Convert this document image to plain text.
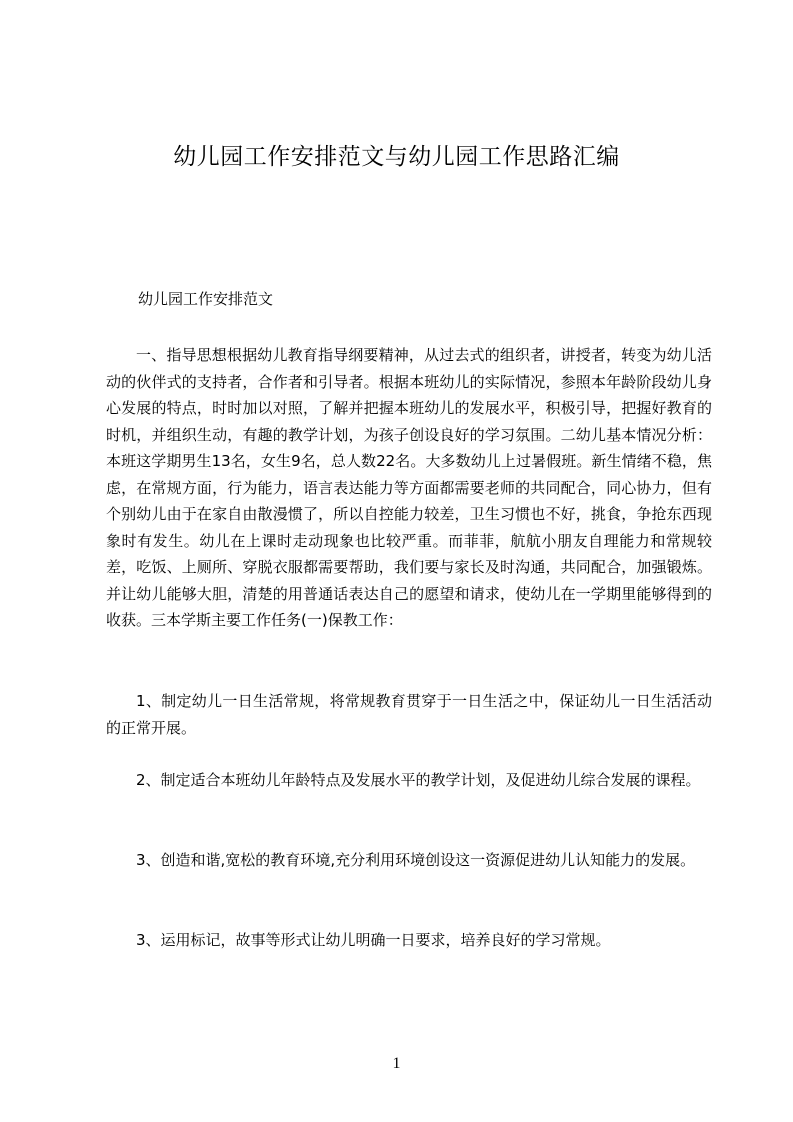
幼儿园工作安排范文与幼儿园工作思路汇编
幼儿园工作安排范文
一、指导思想根据幼儿教育指导纲要精神，从过去式的组织者，讲授者，转变为幼儿活动的伙伴式的支持者，合作者和引导者。根据本班幼儿的实际情况，参照本年龄阶段幼儿身心发展的特点，时时加以对照，了解并把握本班幼儿的发展水平，积极引导，把握好教育的时机，并组织生动，有趣的教学计划，为孩子创设良好的学习氛围。二幼儿基本情况分析：本班这学期男生13名，女生9名，总人数22名。大多数幼儿上过暑假班。新生情绪不稳，焦虑，在常规方面，行为能力，语言表达能力等方面都需要老师的共同配合，同心协力，但有个别幼儿由于在家自由散漫惯了，所以自控能力较差，卫生习惯也不好，挑食，争抢东西现象时有发生。幼儿在上课时走动现象也比较严重。而菲菲，航航小朋友自理能力和常规较差，吃饭、上厕所、穿脱衣服都需要帮助，我们要与家长及时沟通，共同配合，加强锻炼。并让幼儿能够大胆，清楚的用普通话表达自己的愿望和请求，使幼儿在一学期里能够得到的收获。三本学斯主要工作任务(一)保教工作：
1、制定幼儿一日生活常规，将常规教育贯穿于一日生活之中，保证幼儿一日生活活动的正常开展。
2、制定适合本班幼儿年龄特点及发展水平的教学计划，及促进幼儿综合发展的课程。
3、创造和谐,宽松的教育环境,充分利用环境创设这一资源促进幼儿认知能力的发展。
3、运用标记，故事等形式让幼儿明确一日要求，培养良好的学习常规。
1
